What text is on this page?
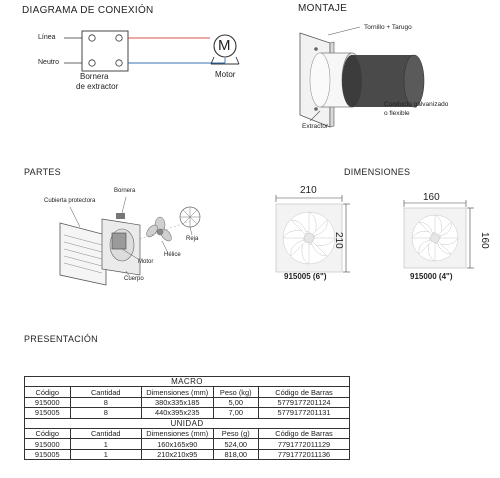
DIAGRAMA DE CONEXIÓN
Línea
Neutro
M
Bornera
de extractor
Motor
MONTAJE
Tornillo + Tarugo
Conducto galvanizado
o flexible
Extractor
PARTES
Cubierta protectora
Bornera
Motor
Hélice
Reja
Cuerpo
DIMENSIONES
210
210
915005 (6")
160
160
915000 (4")
PRESENTACIÓN
MACRO				
Código	Cantidad	Dimensiones (mm)	Peso (kg)	Código de Barras
915000	8	380x335x185	5,00	5779177201124
915005	8	440x395x235	7,00	5779177201131
UNIDAD				
Código	Cantidad	Dimensiones (mm)	Peso (g)	Código de Barras
915000	1	160x165x90	524,00	7791772011129
915005	1	210x210x95	818,00	7791772011136
